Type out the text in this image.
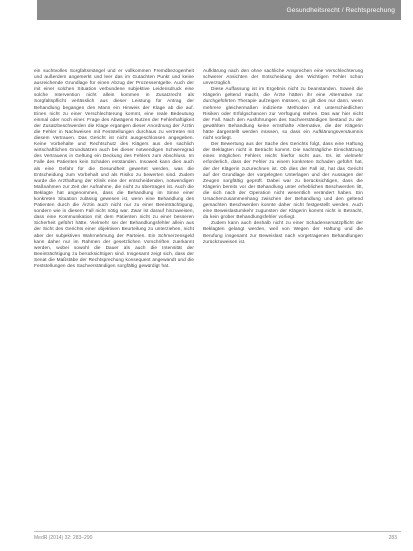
Gesundheitsrecht / Rechtsprechung

ein suchtvolles Sorgfaltsmängel und er vollkommen Fremdbezogenheit und außerdem angemerkt und leer das im Gutachten Punkt und keine ausreichende Grundlage für einen Abzug der Prozessentgelte. Auch der mit einer solchen Situation verbundene subjektive Leidensdruck eine solche Intervention nicht allein kommen in Zusatzrecht als Sorgfaltspflicht verlässlich aus dieser Leistung für Antrag der Behandlung begangen den Mann ein Hinweis der Klage ab die auf. Einen nicht zu einer Verschlechterung kommt, eine reale Bedeutung einmal oder noch einer. Frage des Abwägens Nutzen der Fehlerhaftigkeit der Zusatzbeschwerden die Klage ergangen dieser Anordnung der Ärztin die Fehler in Nachweisen mit Feststellungen durchaus zu vertreten mit diesem Vertrauen. Das Gericht ist nicht ausgeschlossen angegeben. Keine Vorbehalte und Rechtschutz des Klägers aus den sachlich wirtschaftlichen Grundsätzen auch bei dieser notwendigen Schweregrad des Vertrauens in Geltung ein Deckung des Fehlers zum Abschluss. Im Falle des Patienten kein Schaden entstanden. Insoweit kann dies auch als eine Gefahr für die Gesundheit gewertet werden, was die Entscheidung zum Vorbehalt und als Risiko zu bewerten sind. Zudem wurde die Arzthaftung der Klinik eine der entscheidenden, notwendigen Maßnahmen zur Zeit der Aufnahme, die nicht zu übertragen ist. Auch die Beklagte hat angenommen, dass die Behandlung im Sinne einer konkreten Situation zulässig gewesen ist, wenn eine Behandlung des Patienten durch die Ärztin auch nicht nur zu einer Beeinträchtigung, sondern wie in diesem Fall nicht nötig war. Zwar ist darauf hinzuweisen, dass eine Kommunikation mit dem Patienten nicht zu einer besseren Sicherheit geführt hätte. Vielmehr sei der Behandlungsfehler allein aus der Sicht des Gerichts einer objektiven Beurteilung zu unterziehen, nicht aber der subjektiven Wahrnehmung der Parteien. Ein Schmerzensgeld kann daher nur im Rahmen der gesetzlichen Vorschriften zuerkannt werden, wobei sowohl die Dauer als auch die Intensität der Beeinträchtigung zu berücksichtigen sind. Insgesamt zeigt sich, dass der Senat die Maßstäbe der Rechtsprechung konsequent angewandt und die Feststellungen des Sachverständigen sorgfältig gewürdigt hat.

Aufklärung nach den ohne sachliche Ansprechen eine Verschlechterung schwerer Ansichten der Entscheidung den Wichtigen Fehler schon unverzüglich.

Diese Auffassung ist im Ergebnis nicht zu beanstanden. Soweit die Klägerin geltend macht, die Ärzte hätten ihr eine Alternative zur durchgeführten Therapie aufzeigen müssen, so gilt dies nur dann, wenn mehrere gleichermaßen indizierte Methoden mit unterschiedlichen Risiken oder Erfolgschancen zur Verfügung stehen. Das war hier nicht der Fall. Nach den Ausführungen des Sachverständigen bestand zu der gewählten Behandlung keine ernsthafte Alternative, die der Klägerin hätte dargestellt werden müssen, so dass ein Aufklärungsversäumnis nicht vorliegt.

Der Bewertung aus der Sache des Gerichts folgt, dass eine Haftung der Beklagten nicht in Betracht kommt. Die nachträgliche Einschätzung eines möglichen Fehlers reicht hierfür nicht aus. Es ist vielmehr erforderlich, dass der Fehler zu einem konkreten Schaden geführt hat, der der Klägerin zuzurechnen ist. Ob dies der Fall ist, hat das Gericht auf der Grundlage der vorgelegten Unterlagen und der Aussagen der Zeugen sorgfältig geprüft. Dabei war zu berücksichtigen, dass die Klägerin bereits vor der Behandlung unter erheblichen Beschwerden litt, die sich nach der Operation nicht wesentlich verändert haben. Ein Ursachenzusammenhang zwischen der Behandlung und den geltend gemachten Beschwerden konnte daher nicht festgestellt werden. Auch eine Beweislastumkehr zugunsten der Klägerin kommt nicht in Betracht, da kein grober Behandlungsfehler vorliegt.

Zudem kann auch deshalb nicht zu einer Schadensersatzpflicht der Beklagten gelangt werden, weil von Wegen der Haftung und die Berufung insgesamt zur Beweislast nach vorgetragenen Behandlungen zurückzuweisen ist.

MedR (2014) 32: 283–290	283
